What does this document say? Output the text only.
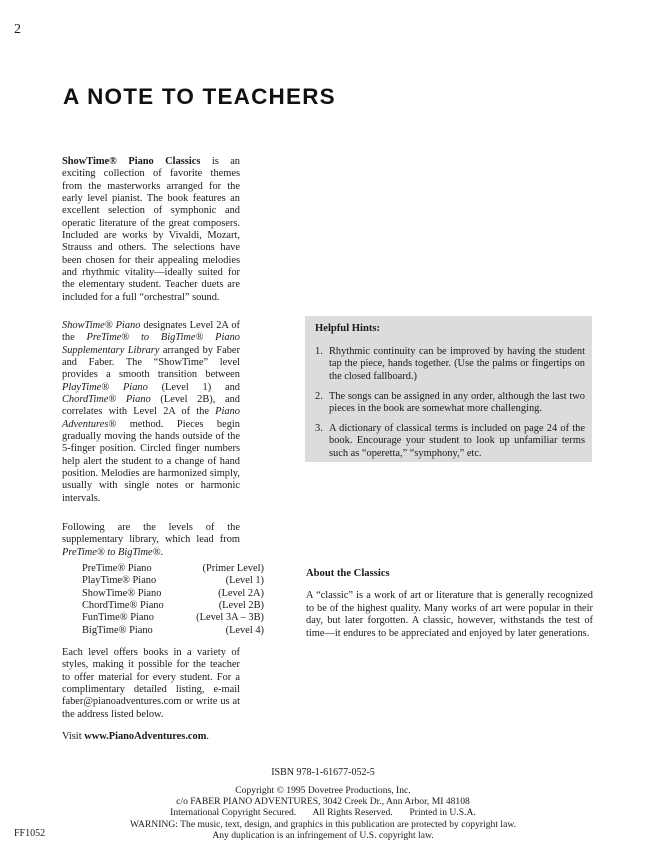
2
A NOTE TO TEACHERS

ShowTime® Piano Classics is an exciting collection of favorite themes from the masterworks arranged for the early level pianist. The book features an excellent selection of symphonic and operatic literature of the great composers. Included are works by Vivaldi, Mozart, Strauss and others. The selections have been chosen for their appealing melodies and rhythmic vitality—ideally suited for the elementary student. Teacher duets are included for a full “orchestral” sound.

ShowTime® Piano designates Level 2A of the PreTime® to BigTime® Piano Supplementary Library arranged by Faber and Faber. The “ShowTime” level provides a smooth transition between PlayTime® Piano (Level 1) and ChordTime® Piano (Level 2B), and correlates with Level 2A of the Piano Adventures® method. Pieces begin gradually moving the hands outside of the 5-finger position. Circled finger numbers help alert the student to a change of hand position. Melodies are harmonized simply, usually with single notes or harmonic intervals.

Following are the levels of the supplementary library, which lead from PreTime® to BigTime®.

PreTime® Piano	(Primer Level)
PlayTime® Piano	(Level 1)
ShowTime® Piano	(Level 2A)
ChordTime® Piano	(Level 2B)
FunTime® Piano	(Level 3A – 3B)
BigTime® Piano	(Level 4)

Each level offers books in a variety of styles, making it possible for the teacher to offer material for every student. For a complimentary detailed listing, e-mail faber@pianoadventures.com or write us at the address listed below.

Visit www.PianoAdventures.com.

Helpful Hints:
1. Rhythmic continuity can be improved by having the student tap the piece, hands together. (Use the palms or fingertips on the closed fallboard.)
2. The songs can be assigned in any order, although the last two pieces in the book are somewhat more challenging.
3. A dictionary of classical terms is included on page 24 of the book. Encourage your student to look up unfamiliar terms such as “operetta,” “symphony,” etc.
About the Classics

A “classic” is a work of art or literature that is generally recognized to be of the highest quality. Many works of art were popular in their day, but later forgotten. A classic, however, withstands the test of time—it endures to be appreciated and enjoyed by later generations.

ISBN 978-1-61677-052-5
Copyright © 1995 Dovetree Productions, Inc.
c/o FABER PIANO ADVENTURES, 3042 Creek Dr., Ann Arbor, MI 48108
International Copyright Secured.       All Rights Reserved.       Printed in U.S.A.
WARNING: The music, text, design, and graphics in this publication are protected by copyright law.
Any duplication is an infringement of U.S. copyright law.
FF1052
